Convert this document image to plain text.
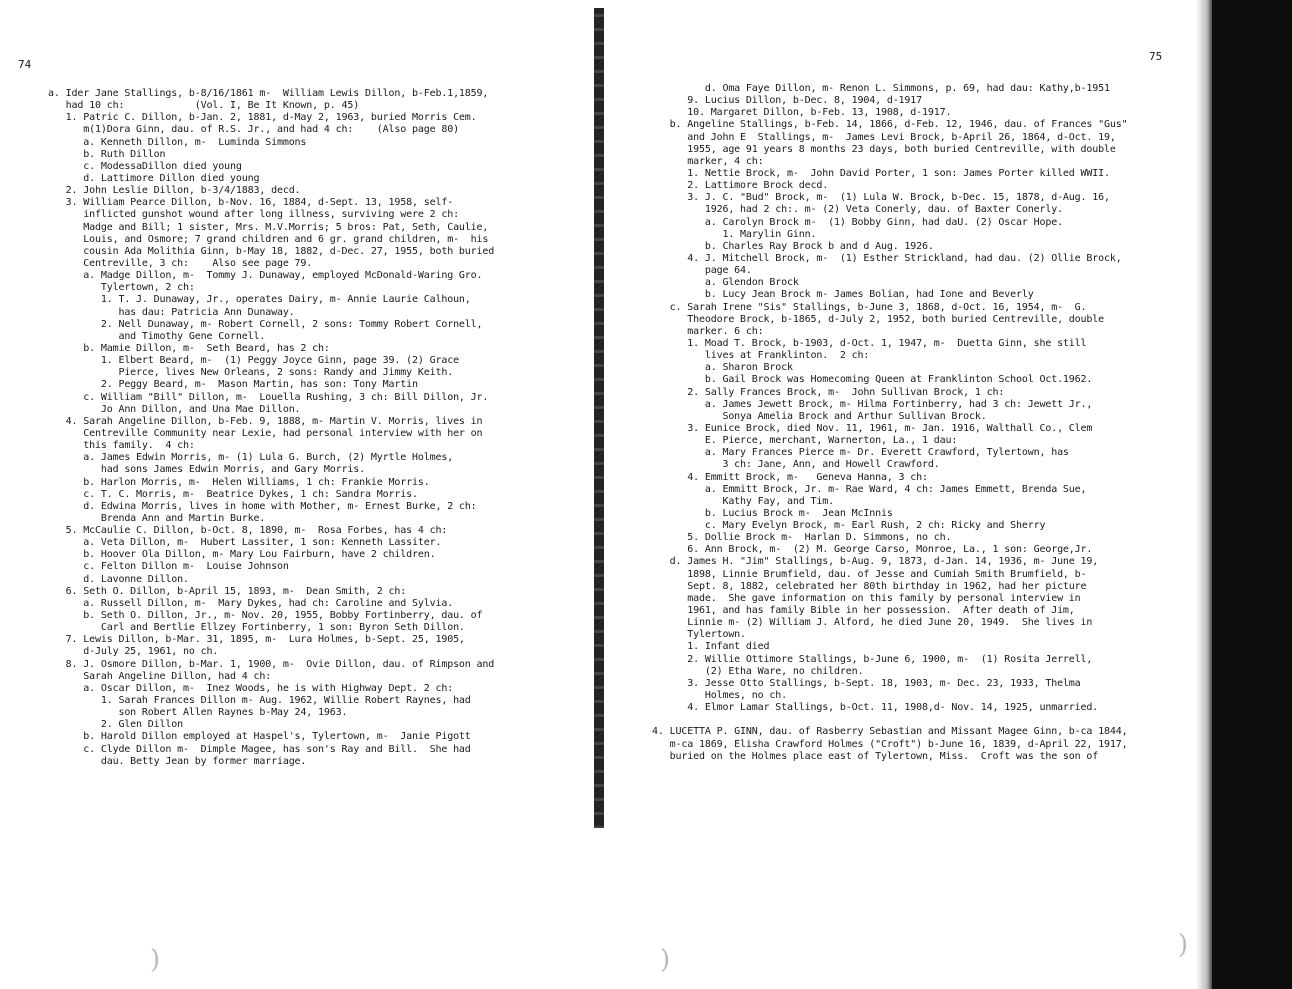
74
a. Ider Jane Stallings, b-8/16/1861 m-  William Lewis Dillon, b-Feb.1,1859,
had 10 ch:            (Vol. I, Be It Known, p. 45)
1. Patric C. Dillon, b-Jan. 2, 1881, d-May 2, 1963, buried Morris Cem.
m(1)Dora Ginn, dau. of R.S. Jr., and had 4 ch:    (Also page 80)
a. Kenneth Dillon, m-  Luminda Simmons
b. Ruth Dillon
c. ModessaDillon died young
d. Lattimore Dillon died young
2. John Leslie Dillon, b-3/4/1883, decd.
3. William Pearce Dillon, b-Nov. 16, 1884, d-Sept. 13, 1958, self-
inflicted gunshot wound after long illness, surviving were 2 ch:
Madge and Bill; 1 sister, Mrs. M.V.Morris; 5 bros: Pat, Seth, Caulie,
Louis, and Osmore; 7 grand children and 6 gr. grand children, m-  his
cousin Ada Molithia Ginn, b-May 18, 1882, d-Dec. 27, 1955, both buried
Centreville, 3 ch:    Also see page 79.
a. Madge Dillon, m-  Tommy J. Dunaway, employed McDonald-Waring Gro.
Tylertown, 2 ch:
1. T. J. Dunaway, Jr., operates Dairy, m- Annie Laurie Calhoun,
has dau: Patricia Ann Dunaway.
2. Nell Dunaway, m- Robert Cornell, 2 sons: Tommy Robert Cornell,
and Timothy Gene Cornell.
b. Mamie Dillon, m-  Seth Beard, has 2 ch:
1. Elbert Beard, m-  (1) Peggy Joyce Ginn, page 39. (2) Grace
Pierce, lives New Orleans, 2 sons: Randy and Jimmy Keith.
2. Peggy Beard, m-  Mason Martin, has son: Tony Martin
c. William "Bill" Dillon, m-  Louella Rushing, 3 ch: Bill Dillon, Jr.
Jo Ann Dillon, and Una Mae Dillon.
4. Sarah Angeline Dillon, b-Feb. 9, 1888, m- Martin V. Morris, lives in
Centreville Community near Lexie, had personal interview with her on
this family.  4 ch:
a. James Edwin Morris, m- (1) Lula G. Burch, (2) Myrtle Holmes,
had sons James Edwin Morris, and Gary Morris.
b. Harlon Morris, m-  Helen Williams, 1 ch: Frankie Morris.
c. T. C. Morris, m-  Beatrice Dykes, 1 ch: Sandra Morris.
d. Edwina Morris, lives in home with Mother, m- Ernest Burke, 2 ch:
Brenda Ann and Martin Burke.
5. McCaulie C. Dillon, b-Oct. 8, 1890, m-  Rosa Forbes, has 4 ch:
a. Veta Dillon, m-  Hubert Lassiter, 1 son: Kenneth Lassiter.
b. Hoover Ola Dillon, m- Mary Lou Fairburn, have 2 children.
c. Felton Dillon m-  Louise Johnson
d. Lavonne Dillon.
6. Seth O. Dillon, b-April 15, 1893, m-  Dean Smith, 2 ch:
a. Russell Dillon, m-  Mary Dykes, had ch: Caroline and Sylvia.
b. Seth O. Dillon, Jr., m- Nov. 20, 1955, Bobby Fortinberry, dau. of
Carl and Bertlie Ellzey Fortinberry, 1 son: Byron Seth Dillon.
7. Lewis Dillon, b-Mar. 31, 1895, m-  Lura Holmes, b-Sept. 25, 1905,
d-July 25, 1961, no ch.
8. J. Osmore Dillon, b-Mar. 1, 1900, m-  Ovie Dillon, dau. of Rimpson and
Sarah Angeline Dillon, had 4 ch:
a. Oscar Dillon, m-  Inez Woods, he is with Highway Dept. 2 ch:
1. Sarah Frances Dillon m- Aug. 1962, Willie Robert Raynes, had
son Robert Allen Raynes b-May 24, 1963.
2. Glen Dillon
b. Harold Dillon employed at Haspel's, Tylertown, m-  Janie Pigott
c. Clyde Dillon m-  Dimple Magee, has son's Ray and Bill.  She had
dau. Betty Jean by former marriage.
75
d. Oma Faye Dillon, m- Renon L. Simmons, p. 69, had dau: Kathy,b-1951
9. Lucius Dillon, b-Dec. 8, 1904, d-1917
10. Margaret Dillon, b-Feb. 13, 1908, d-1917.
b. Angeline Stallings, b-Feb. 14, 1866, d-Feb. 12, 1946, dau. of Frances "Gus"
and John E  Stallings, m-  James Levi Brock, b-April 26, 1864, d-Oct. 19,
1955, age 91 years 8 months 23 days, both buried Centreville, with double
marker, 4 ch:
1. Nettie Brock, m-  John David Porter, 1 son: James Porter killed WWII.
2. Lattimore Brock decd.
3. J. C. "Bud" Brock, m-  (1) Lula W. Brock, b-Dec. 15, 1878, d-Aug. 16,
1926, had 2 ch:. m- (2) Veta Conerly, dau. of Baxter Conerly.
a. Carolyn Brock m-  (1) Bobby Ginn, had daU. (2) Oscar Hope.
1. Marylin Ginn.
b. Charles Ray Brock b and d Aug. 1926.
4. J. Mitchell Brock, m-  (1) Esther Strickland, had dau. (2) Ollie Brock,
page 64.
a. Glendon Brock
b. Lucy Jean Brock m- James Bolian, had Ione and Beverly
c. Sarah Irene "Sis" Stallings, b-June 3, 1868, d-Oct. 16, 1954, m-  G.
Theodore Brock, b-1865, d-July 2, 1952, both buried Centreville, double
marker. 6 ch:
1. Moad T. Brock, b-1903, d-Oct. 1, 1947, m-  Duetta Ginn, she still
lives at Franklinton.  2 ch:
a. Sharon Brock
b. Gail Brock was Homecoming Queen at Franklinton School Oct.1962.
2. Sally Frances Brock, m-  John Sullivan Brock, 1 ch:
a. James Jewett Brock, m- Hilma Fortinberry, had 3 ch: Jewett Jr.,
Sonya Amelia Brock and Arthur Sullivan Brock.
3. Eunice Brock, died Nov. 11, 1961, m- Jan. 1916, Walthall Co., Clem
E. Pierce, merchant, Warnerton, La., 1 dau:
a. Mary Frances Pierce m- Dr. Everett Crawford, Tylertown, has
3 ch: Jane, Ann, and Howell Crawford.
4. Emmitt Brock, m-   Geneva Hanna, 3 ch:
a. Emmitt Brock, Jr. m- Rae Ward, 4 ch: James Emmett, Brenda Sue,
Kathy Fay, and Tim.
b. Lucius Brock m-  Jean McInnis
c. Mary Evelyn Brock, m- Earl Rush, 2 ch: Ricky and Sherry
5. Dollie Brock m-  Harlan D. Simmons, no ch.
6. Ann Brock, m-  (2) M. George Carso, Monroe, La., 1 son: George,Jr.
d. James H. "Jim" Stallings, b-Aug. 9, 1873, d-Jan. 14, 1936, m- June 19,
1898, Linnie Brumfield, dau. of Jesse and Cumiah Smith Brumfield, b-
Sept. 8, 1882, celebrated her 80th birthday in 1962, had her picture
made.  She gave information on this family by personal interview in
1961, and has family Bible in her possession.  After death of Jim,
Linnie m- (2) William J. Alford, he died June 20, 1949.  She lives in
Tylertown.
1. Infant died
2. Willie Ottimore Stallings, b-June 6, 1900, m-  (1) Rosita Jerrell,
(2) Etha Ware, no children.
3. Jesse Otto Stallings, b-Sept. 18, 1903, m- Dec. 23, 1933, Thelma
Holmes, no ch.
4. Elmor Lamar Stallings, b-Oct. 11, 1908,d- Nov. 14, 1925, unmarried.
4. LUCETTA P. GINN, dau. of Rasberry Sebastian and Missant Magee Ginn, b-ca 1844,
m-ca 1869, Elisha Crawford Holmes ("Croft") b-June 16, 1839, d-April 22, 1917,
buried on the Holmes place east of Tylertown, Miss.  Croft was the son of
)	)	)
